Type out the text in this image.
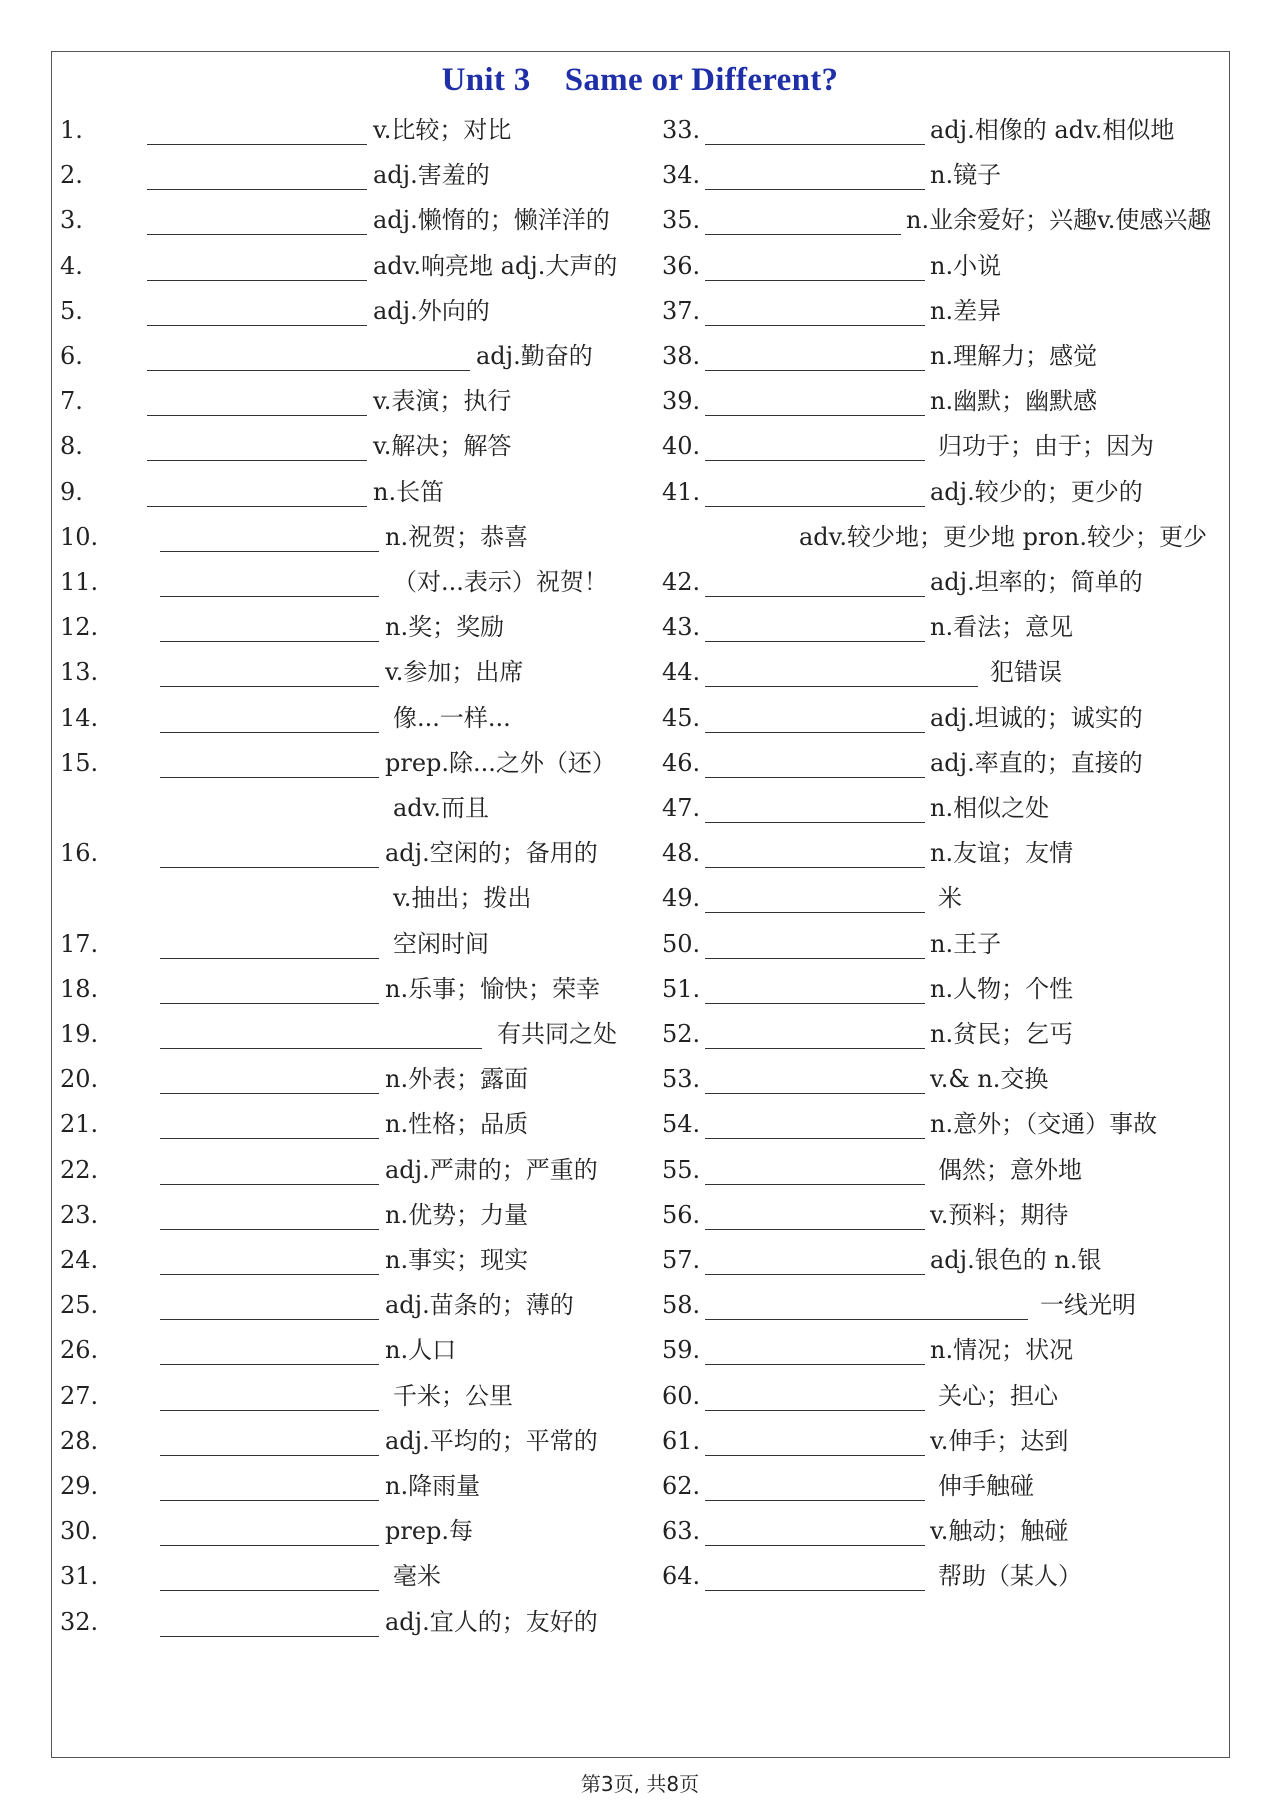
Unit 3    Same or Different?
1.	v.比较；对比
2.	adj.害羞的
3.	adj.懒惰的；懒洋洋的
4.	adv.响亮地 adj.大声的
5.	adj.外向的
6.	adj.勤奋的
7.	v.表演；执行
8.	v.解决；解答
9.	n.长笛
10.	n.祝贺；恭喜
11.	（对...表示）祝贺！
12.	n.奖；奖励
13.	v.参加；出席
14.	像...一样...
15.	prep.除...之外（还）
adv.而且
16.	adj.空闲的；备用的
v.抽出；拨出
17.	空闲时间
18.	n.乐事；愉快；荣幸
19.	有共同之处
20.	n.外表；露面
21.	n.性格；品质
22.	adj.严肃的；严重的
23.	n.优势；力量
24.	n.事实；现实
25.	adj.苗条的；薄的
26.	n.人口
27.	千米；公里
28.	adj.平均的；平常的
29.	n.降雨量
30.	prep.每
31.	毫米
32.	adj.宜人的；友好的
33.	adj.相像的 adv.相似地
34.	n.镜子
35.	n.业余爱好；兴趣v.使感兴趣
36.	n.小说
37.	n.差异
38.	n.理解力；感觉
39.	n.幽默；幽默感
40.	归功于；由于；因为
41.	adj.较少的；更少的
adv.较少地；更少地 pron.较少；更少
42.	adj.坦率的；简单的
43.	n.看法；意见
44.	犯错误
45.	adj.坦诚的；诚实的
46.	adj.率直的；直接的
47.	n.相似之处
48.	n.友谊；友情
49.	米
50.	n.王子
51.	n.人物；个性
52.	n.贫民；乞丐
53.	v.& n.交换
54.	n.意外；（交通）事故
55.	偶然；意外地
56.	v.预料；期待
57.	adj.银色的 n.银
58.	一线光明
59.	n.情况；状况
60.	关心；担心
61.	v.伸手；达到
62.	伸手触碰
63.	v.触动；触碰
64.	帮助（某人）
第3页, 共8页
